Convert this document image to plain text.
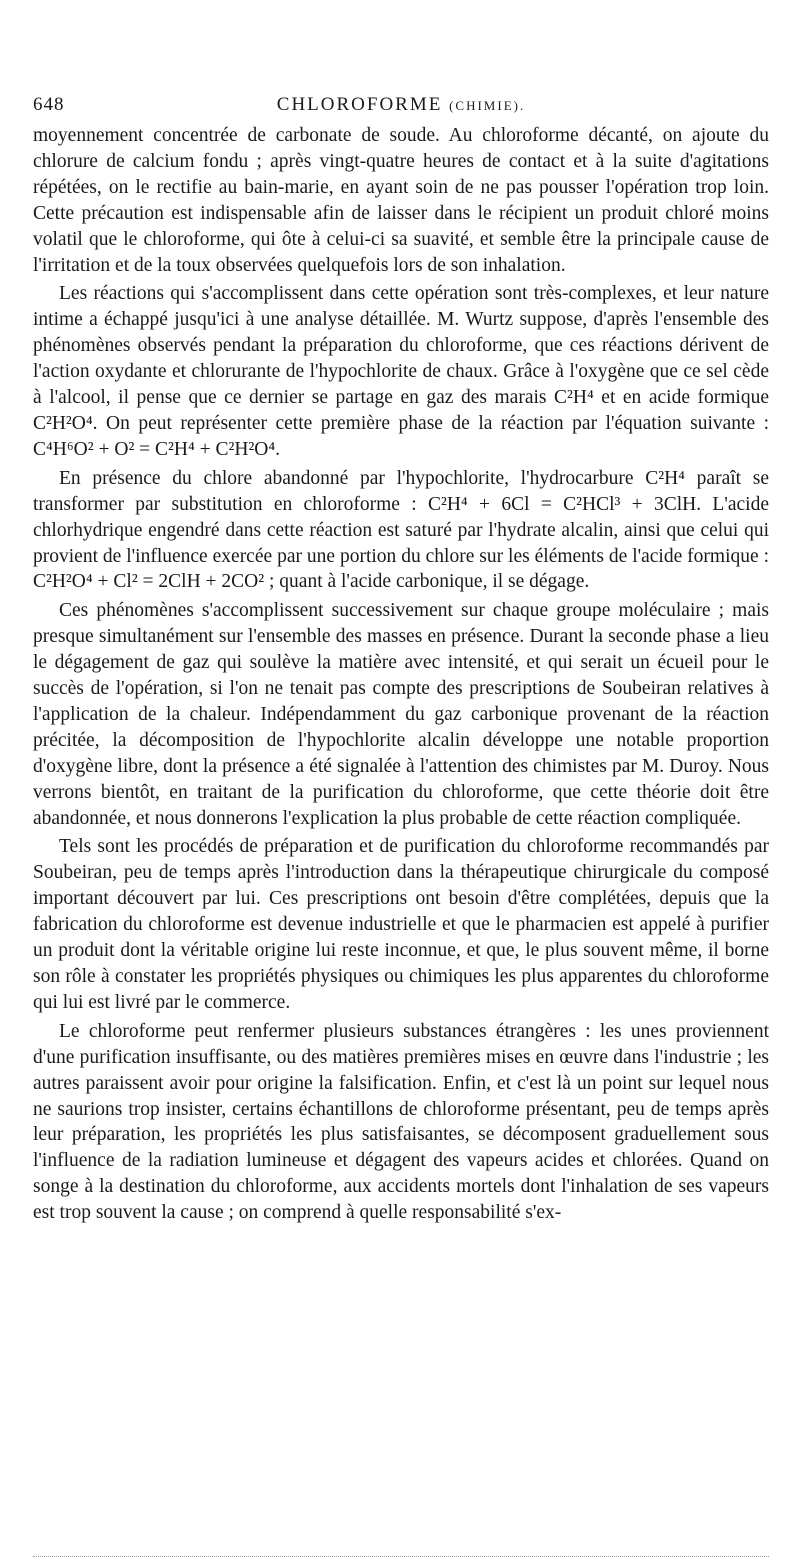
648	CHLOROFORME (CHIMIE).

moyennement concentrée de carbonate de soude. Au chloroforme décanté, on ajoute du chlorure de calcium fondu ; après vingt-quatre heures de contact et à la suite d'agitations répétées, on le rectifie au bain-marie, en ayant soin de ne pas pousser l'opération trop loin. Cette précaution est indispensable afin de laisser dans le récipient un produit chloré moins volatil que le chloroforme, qui ôte à celui-ci sa suavité, et semble être la principale cause de l'irritation et de la toux observées quelquefois lors de son inhalation.

Les réactions qui s'accomplissent dans cette opération sont très-complexes, et leur nature intime a échappé jusqu'ici à une analyse détaillée. M. Wurtz suppose, d'après l'ensemble des phénomènes observés pendant la préparation du chloroforme, que ces réactions dérivent de l'action oxydante et chlorurante de l'hypochlorite de chaux. Grâce à l'oxygène que ce sel cède à l'alcool, il pense que ce dernier se partage en gaz des marais C²H⁴ et en acide formique C²H²O⁴. On peut représenter cette première phase de la réaction par l'équation suivante : C⁴H⁶O² + O² = C²H⁴ + C²H²O⁴.

En présence du chlore abandonné par l'hypochlorite, l'hydrocarbure C²H⁴ paraît se transformer par substitution en chloroforme : C²H⁴ + 6Cl = C²HCl³ + 3ClH. L'acide chlorhydrique engendré dans cette réaction est saturé par l'hydrate alcalin, ainsi que celui qui provient de l'influence exercée par une portion du chlore sur les éléments de l'acide formique : C²H²O⁴ + Cl² = 2ClH + 2CO² ; quant à l'acide carbonique, il se dégage.

Ces phénomènes s'accomplissent successivement sur chaque groupe moléculaire ; mais presque simultanément sur l'ensemble des masses en présence. Durant la seconde phase a lieu le dégagement de gaz qui soulève la matière avec intensité, et qui serait un écueil pour le succès de l'opération, si l'on ne tenait pas compte des prescriptions de Soubeiran relatives à l'application de la chaleur. Indépendamment du gaz carbonique provenant de la réaction précitée, la décomposition de l'hypochlorite alcalin développe une notable proportion d'oxygène libre, dont la présence a été signalée à l'attention des chimistes par M. Duroy. Nous verrons bientôt, en traitant de la purification du chloroforme, que cette théorie doit être abandonnée, et nous donnerons l'explication la plus probable de cette réaction compliquée.

Tels sont les procédés de préparation et de purification du chloroforme recommandés par Soubeiran, peu de temps après l'introduction dans la thérapeutique chirurgicale du composé important découvert par lui. Ces prescriptions ont besoin d'être complétées, depuis que la fabrication du chloroforme est devenue industrielle et que le pharmacien est appelé à purifier un produit dont la véritable origine lui reste inconnue, et que, le plus souvent même, il borne son rôle à constater les propriétés physiques ou chimiques les plus apparentes du chloroforme qui lui est livré par le commerce.

Le chloroforme peut renfermer plusieurs substances étrangères : les unes proviennent d'une purification insuffisante, ou des matières premières mises en œuvre dans l'industrie ; les autres paraissent avoir pour origine la falsification. Enfin, et c'est là un point sur lequel nous ne saurions trop insister, certains échantillons de chloroforme présentant, peu de temps après leur préparation, les propriétés les plus satisfaisantes, se décomposent graduellement sous l'influence de la radiation lumineuse et dégagent des vapeurs acides et chlorées. Quand on songe à la destination du chloroforme, aux accidents mortels dont l'inhalation de ses vapeurs est trop souvent la cause ; on comprend à quelle responsabilité s'ex-
